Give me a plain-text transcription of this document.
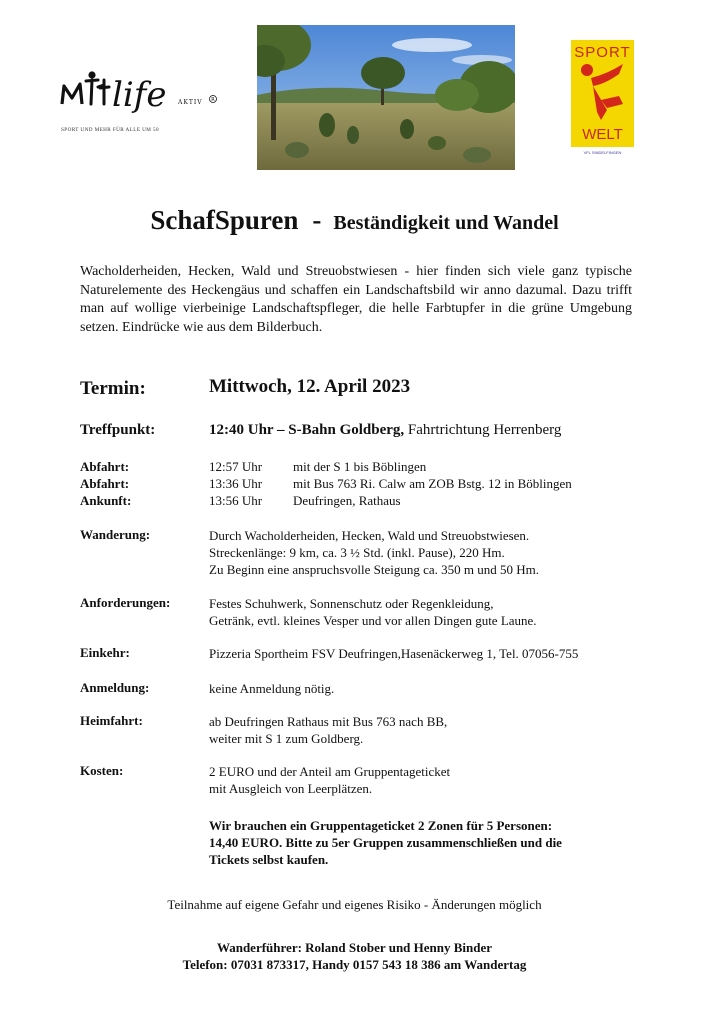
life AKTIV R
SPORT UND MEHR FÜR ALLE UM 50
SPORT
WELT
VFL SINDELFINGEN
SchafSpuren - Beständigkeit und Wandel

Wacholderheiden, Hecken, Wald und Streuobstwiesen - hier finden sich viele ganz typische Naturelemente des Heckengäus und schaffen ein Landschaftsbild wir anno dazumal. Dazu trifft man auf wollige vierbeinige Landschaftspfleger, die helle Farbtupfer in die grüne Umgebung setzen. Eindrücke wie aus dem Bilderbuch.

Termin:	Mittwoch, 12. April 2023
Treffpunkt:	12:40 Uhr – S-Bahn Goldberg, Fahrtrichtung Herrenberg
Abfahrt:	12:57 Uhr mit der S 1 bis Böblingen
Abfahrt:	13:36 Uhr mit Bus 763 Ri. Calw am ZOB Bstg. 12 in Böblingen
Ankunft:	13:56 Uhr Deufringen, Rathaus
Wanderung:	Durch Wacholderheiden, Hecken, Wald und Streuobstwiesen.
Streckenlänge: 9 km, ca. 3 ½ Std. (inkl. Pause), 220 Hm.
Zu Beginn eine anspruchsvolle Steigung ca. 350 m und 50 Hm.
Anforderungen:	Festes Schuhwerk, Sonnenschutz oder Regenkleidung,
Getränk, evtl. kleines Vesper und vor allen Dingen gute Laune.
Einkehr:	Pizzeria Sportheim FSV Deufringen,Hasenäckerweg 1, Tel. 07056-755
Anmeldung:	keine Anmeldung nötig.
Heimfahrt:	ab Deufringen Rathaus mit Bus 763 nach BB,
weiter mit S 1 zum Goldberg.
Kosten:	2 EURO und der Anteil am Gruppentageticket
mit Ausgleich von Leerplätzen.
Wir brauchen ein Gruppentageticket 2 Zonen für 5 Personen:
14,40 EURO. Bitte zu 5er Gruppen zusammenschließen und die
Tickets selbst kaufen.
Teilnahme auf eigene Gefahr und eigenes Risiko - Änderungen möglich
Wanderführer: Roland Stober und Henny Binder
Telefon: 07031 873317, Handy 0157 543 18 386 am Wandertag
